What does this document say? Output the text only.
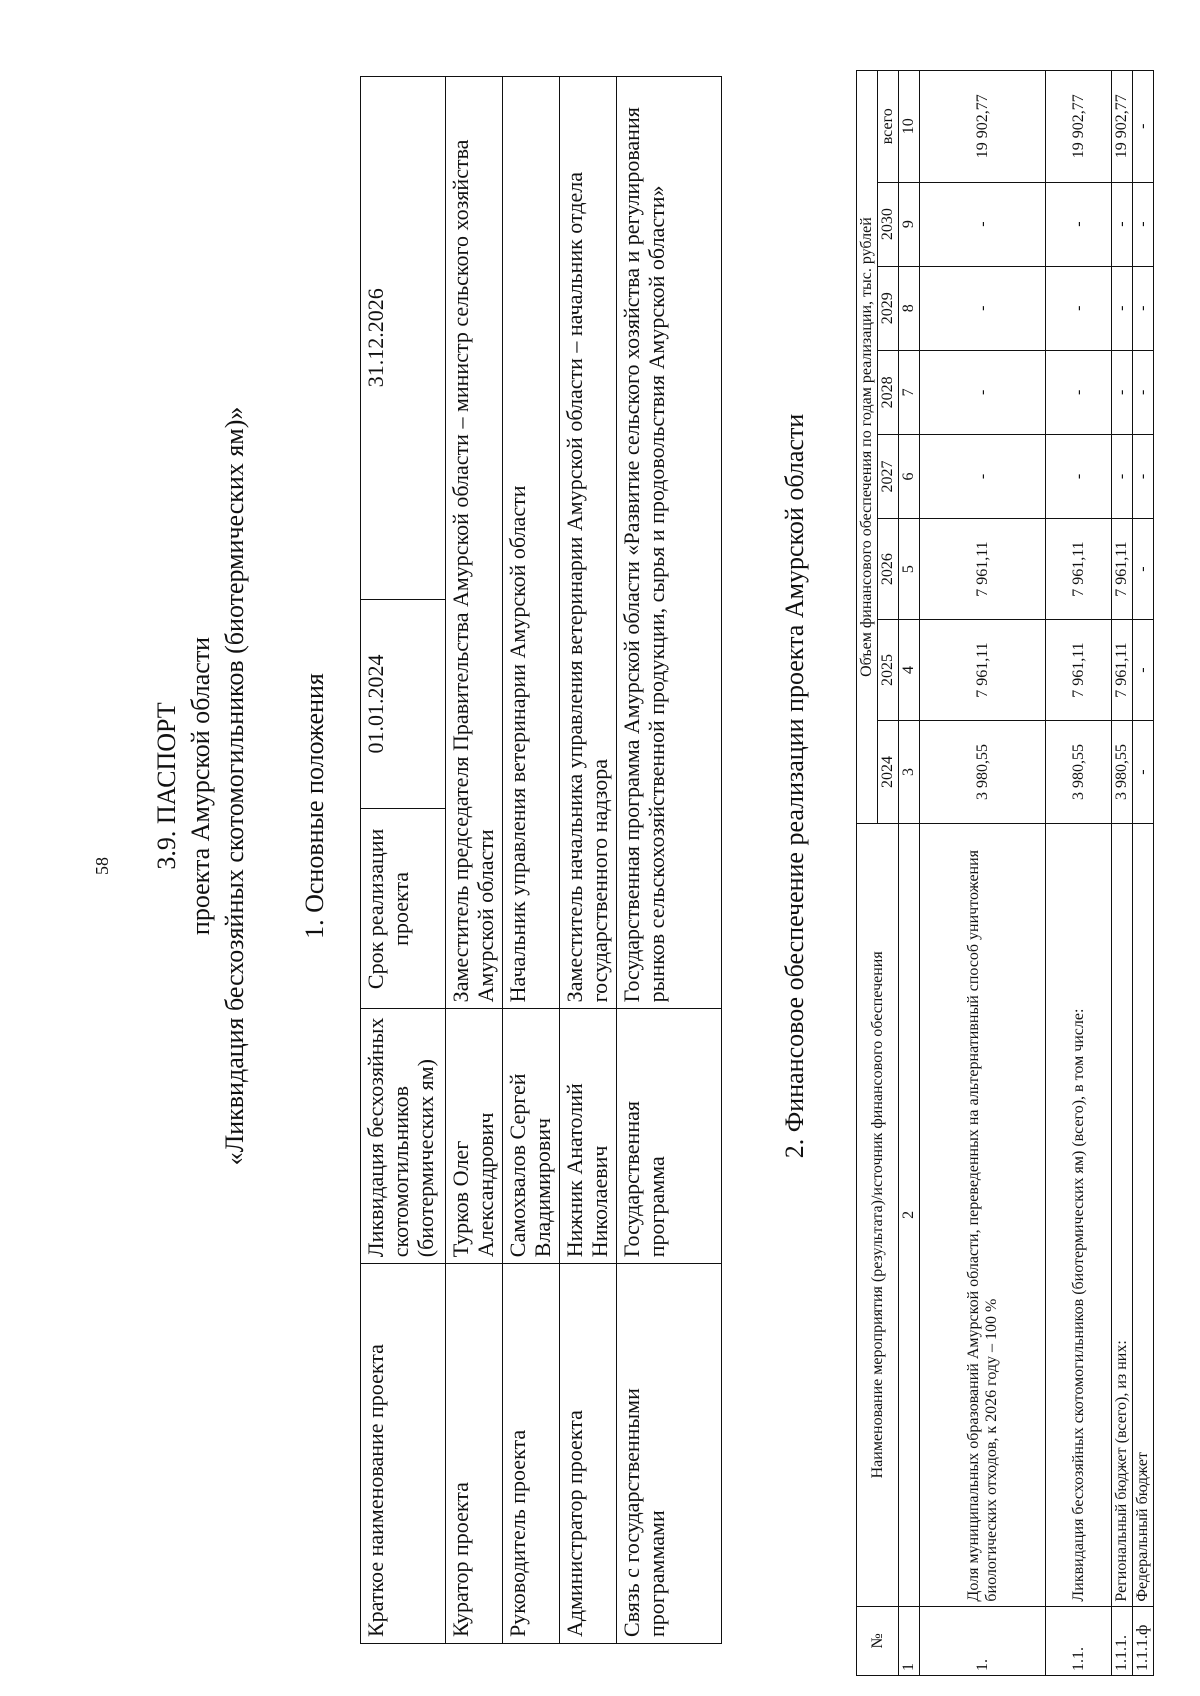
58 3.9. ПАСПОРТ проекта Амурской области «Ликвидация бесхозяйных скотомогильников (биотермических ям)» 1. Основные положения
Краткое наименование проекта	Ликвидация бесхозяйных скотомогильников (биотермических ям)	Срок реализации проекта	01.01.2024	31.12.2026
Куратор проекта	Турков Олег Александрович	Заместитель председателя Правительства Амурской области – министр сельского хозяйства Амурской области		
Руководитель проекта	Самохвалов Сергей Владимирович	Начальник управления ветеринарии Амурской области		
Администратор проекта	Нижник Анатолий Николаевич	Заместитель начальника управления ветеринарии Амурской области – начальник отдела государственного надзора		
Связь с государственными программами	Государственная программа	Государственная программа Амурской области «Развитие сельского хозяйства и регулирования рынков сельскохозяйственной продукции, сырья и продовольствия Амурской области»			2. Финансовое обеспечение реализации проекта Амурской области
№	Наименование мероприятия (результата)/источник финансового обеспечения	Объем финансового обеспечения по годам реализации, тыс. рублей							
		2024	2025	2026	2027	2028	2029	2030	всего
1	2	3	4	5	6	7	8	9	10
1.	Доля муниципальных образований Амурской области, переведенных на альтернативный способ уничтожения биологических отходов, к 2026 году – 100 %	3 980,55	7 961,11	7 961,11	-	-	-	-	19 902,77
1.1.	Ликвидация бесхозяйных скотомогильников (биотермических ям) (всего), в том числе:	3 980,55	7 961,11	7 961,11	-	-	-	-	19 902,77
1.1.1.	Региональный бюджет (всего), из них:	3 980,55	7 961,11	7 961,11	-	-	-	-	19 902,77
1.1.1.ф	Федеральный бюджет	-	-	-	-	-	-	-	-
